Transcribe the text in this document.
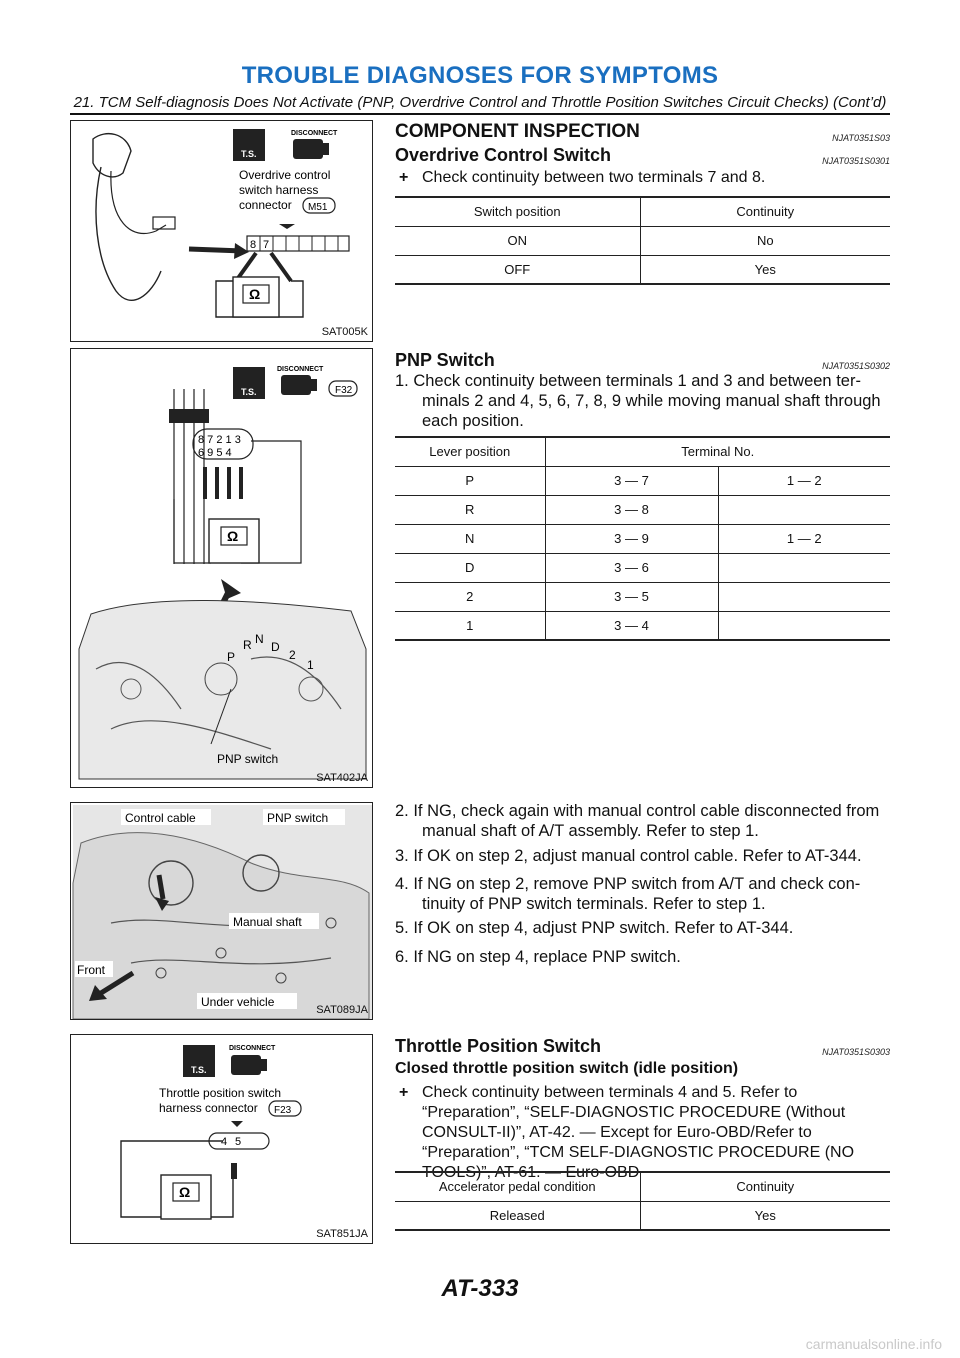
TROUBLE DIAGNOSES FOR SYMPTOMS
21. TCM Self-diagnosis Does Not Activate (PNP, Overdrive Control and Throttle Position Switches Circuit Checks) (Cont’d)
T.S.
DISCONNECT
Overdrive control
switch harness
connector M51
8 7
Ω
SAT005K
T.S.
DISCONNECT
F32
8 7 2 1 3
6 9 5 4
Ω
P
R N
D
2
1
PNP switch
SAT402JA
Control cable	PNP switch
Manual shaft
Front
Under vehicle
SAT089JA
T.S.
DISCONNECT
Throttle position switch
harness connector F23
4 5
Ω
SAT851JA
COMPONENT INSPECTION	NJAT0351S03
Overdrive Control Switch	NJAT0351S0301
+ Check continuity between two terminals 7 and 8.
Switch position	Continuity
ON	No
OFF	Yes
PNP Switch	NJAT0351S0302
1. Check continuity between terminals 1 and 3 and between ter-minals 2 and 4, 5, 6, 7, 8, 9 while moving manual shaft through each position.
Lever position	Terminal No.	
P	3 — 7	1 — 2
R	3 — 8	
N	3 — 9	1 — 2
D	3 — 6	
2	3 — 5	
1	3 — 4	
2. If NG, check again with manual control cable disconnected from manual shaft of A/T assembly. Refer to step 1.
3. If OK on step 2, adjust manual control cable. Refer to AT-344.
4. If NG on step 2, remove PNP switch from A/T and check con-tinuity of PNP switch terminals. Refer to step 1.
5. If OK on step 4, adjust PNP switch. Refer to AT-344.
6. If NG on step 4, replace PNP switch.
Throttle Position Switch	NJAT0351S0303
Closed throttle position switch (idle position)
+ Check continuity between terminals 4 and 5. Refer to “Preparation”, “SELF-DIAGNOSTIC PROCEDURE (Without CONSULT-II)”, AT-42. — Except for Euro-OBD/Refer to “Preparation”, “TCM SELF-DIAGNOSTIC PROCEDURE (NO TOOLS)”, AT-61. — Euro-OBD
Accelerator pedal condition	Continuity
Released	Yes
AT-333
carmanualsonline.info
